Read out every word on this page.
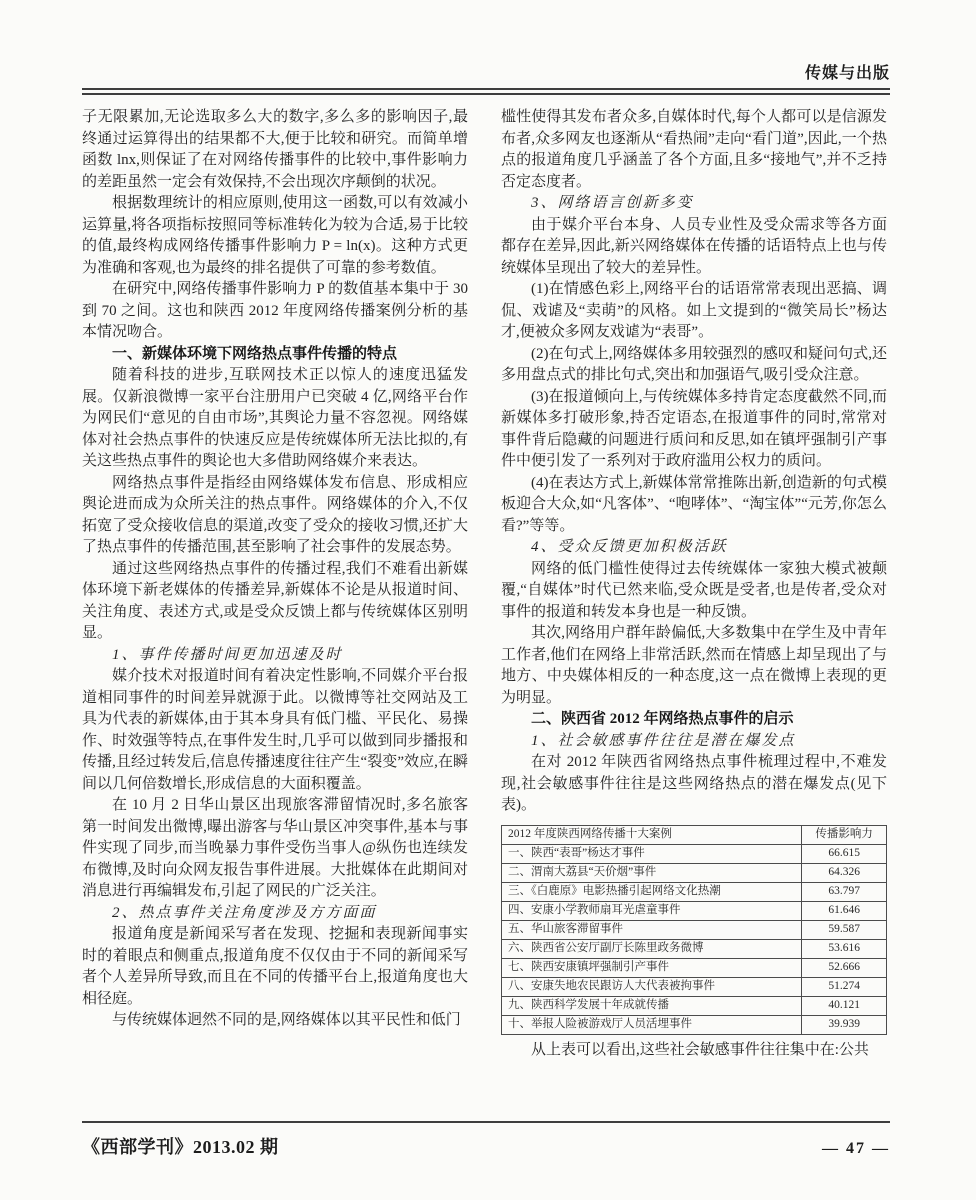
传媒与出版

子无限累加,无论选取多么大的数字,多么多的影响因子,最终通过运算得出的结果都不大,便于比较和研究。而简单增函数 lnx,则保证了在对网络传播事件的比较中,事件影响力的差距虽然一定会有效保持,不会出现次序颠倒的状况。

根据数理统计的相应原则,使用这一函数,可以有效减小运算量,将各项指标按照同等标准转化为较为合适,易于比较的值,最终构成网络传播事件影响力 P = ln(x)。这种方式更为准确和客观,也为最终的排名提供了可靠的参考数值。

在研究中,网络传播事件影响力 P 的数值基本集中于 30 到 70 之间。这也和陕西 2012 年度网络传播案例分析的基本情况吻合。

一、新媒体环境下网络热点事件传播的特点

随着科技的进步,互联网技术正以惊人的速度迅猛发展。仅新浪微博一家平台注册用户已突破 4 亿,网络平台作为网民们“意见的自由市场”,其舆论力量不容忽视。网络媒体对社会热点事件的快速反应是传统媒体所无法比拟的,有关这些热点事件的舆论也大多借助网络媒介来表达。

网络热点事件是指经由网络媒体发布信息、形成相应舆论进而成为众所关注的热点事件。网络媒体的介入,不仅拓宽了受众接收信息的渠道,改变了受众的接收习惯,还扩大了热点事件的传播范围,甚至影响了社会事件的发展态势。

通过这些网络热点事件的传播过程,我们不难看出新媒体环境下新老媒体的传播差异,新媒体不论是从报道时间、关注角度、表述方式,或是受众反馈上都与传统媒体区别明显。

1、事件传播时间更加迅速及时

媒介技术对报道时间有着决定性影响,不同媒介平台报道相同事件的时间差异就源于此。以微博等社交网站及工具为代表的新媒体,由于其本身具有低门槛、平民化、易操作、时效强等特点,在事件发生时,几乎可以做到同步播报和传播,且经过转发后,信息传播速度往往产生“裂变”效应,在瞬间以几何倍数增长,形成信息的大面积覆盖。

在 10 月 2 日华山景区出现旅客滞留情况时,多名旅客第一时间发出微博,曝出游客与华山景区冲突事件,基本与事件实现了同步,而当晚暴力事件受伤当事人@纵伤也连续发布微博,及时向众网友报告事件进展。大批媒体在此期间对消息进行再编辑发布,引起了网民的广泛关注。

2、热点事件关注角度涉及方方面面

报道角度是新闻采写者在发现、挖掘和表现新闻事实时的着眼点和侧重点,报道角度不仅仅由于不同的新闻采写者个人差异所导致,而且在不同的传播平台上,报道角度也大相径庭。

与传统媒体迥然不同的是,网络媒体以其平民性和低门

槛性使得其发布者众多,自媒体时代,每个人都可以是信源发布者,众多网友也逐渐从“看热闹”走向“看门道”,因此,一个热点的报道角度几乎涵盖了各个方面,且多“接地气”,并不乏持否定态度者。

3、网络语言创新多变

由于媒介平台本身、人员专业性及受众需求等各方面都存在差异,因此,新兴网络媒体在传播的话语特点上也与传统媒体呈现出了较大的差异性。

(1)在情感色彩上,网络平台的话语常常表现出恶搞、调侃、戏谑及“卖萌”的风格。如上文提到的“微笑局长”杨达才,便被众多网友戏谑为“表哥”。

(2)在句式上,网络媒体多用较强烈的感叹和疑问句式,还多用盘点式的排比句式,突出和加强语气,吸引受众注意。

(3)在报道倾向上,与传统媒体多持肯定态度截然不同,而新媒体多打破形象,持否定语态,在报道事件的同时,常常对事件背后隐藏的问题进行质问和反思,如在镇坪强制引产事件中便引发了一系列对于政府滥用公权力的质问。

(4)在表达方式上,新媒体常常推陈出新,创造新的句式模板迎合大众,如“凡客体”、“咆哮体”、“淘宝体”“元芳,你怎么看?”等等。

4、受众反馈更加积极活跃

网络的低门槛性使得过去传统媒体一家独大模式被颠覆,“自媒体”时代已然来临,受众既是受者,也是传者,受众对事件的报道和转发本身也是一种反馈。

其次,网络用户群年龄偏低,大多数集中在学生及中青年工作者,他们在网络上非常活跃,然而在情感上却呈现出了与地方、中央媒体相反的一种态度,这一点在微博上表现的更为明显。

二、陕西省 2012 年网络热点事件的启示

1、社会敏感事件往往是潜在爆发点

在对 2012 年陕西省网络热点事件梳理过程中,不难发现,社会敏感事件往往是这些网络热点的潜在爆发点(见下表)。

2012 年度陕西网络传播十大案例	传播影响力
一、陕西“表哥”杨达才事件	66.615
二、渭南大荔县“天价烟”事件	64.326
三、《白鹿原》电影热播引起网络文化热潮	63.797
四、安康小学教师扇耳光虐童事件	61.646
五、华山旅客滞留事件	59.587
六、陕西省公安厅副厅长陈里政务微博	53.616
七、陕西安康镇坪强制引产事件	52.666
八、安康失地农民跟访人大代表被拘事件	51.274
九、陕西科学发展十年成就传播	40.121
十、举报人险被游戏厅人员活埋事件	39.939

从上表可以看出,这些社会敏感事件往往集中在:公共

《西部学刊》2013.02 期	— 47 —
